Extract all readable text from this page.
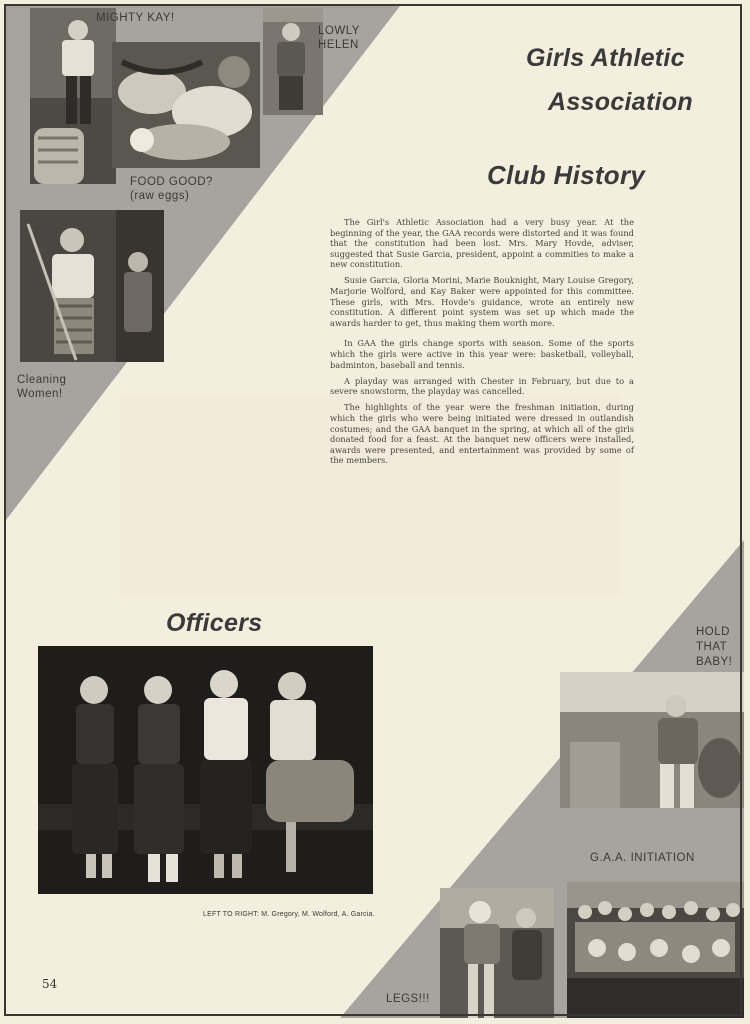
MIGHTY KAY!
LOWLY
HELEN
FOOD GOOD?
(raw eggs)
Cleaning
Women!
Girls Athletic
Association
Club History

The Girl's Athletic Association had a very busy year. At the beginning of the year, the GAA records were distorted and it was found that the constitution had been lost. Mrs. Mary Hovde, adviser, suggested that Susie Garcia, president, appoint a commities to make a new constitution.

Susie Garcia, Gloria Morini, Marie Bouknight, Mary Louise Gregory, Marjorie Wolford, and Kay Baker were appointed for this committee. These girls, with Mrs. Hovde's guidance, wrote an entirely new constitution. A different point system was set up which made the awards harder to get, thus making them worth more.

In GAA the girls change sports with season. Some of the sports which the girls were active in this year were: basketball, volleyball, badminton, baseball and tennis.

A playday was arranged with Chester in February, but due to a severe snowstorm, the playday was cancelled.

The highlights of the year were the freshman initiation, during which the girls who were being initiated were dressed in outlandish costumes; and the GAA banquet in the spring, at which all of the girls donated food for a feast. At the banquet new officers were installed, awards were presented, and entertainment was provided by some of the members.

Officers
LEFT TO RIGHT: M. Gregory, M. Wolford, A. Garcia.
HOLD
THAT
BABY!
G.A.A. INITIATION
LEGS!!!
54
